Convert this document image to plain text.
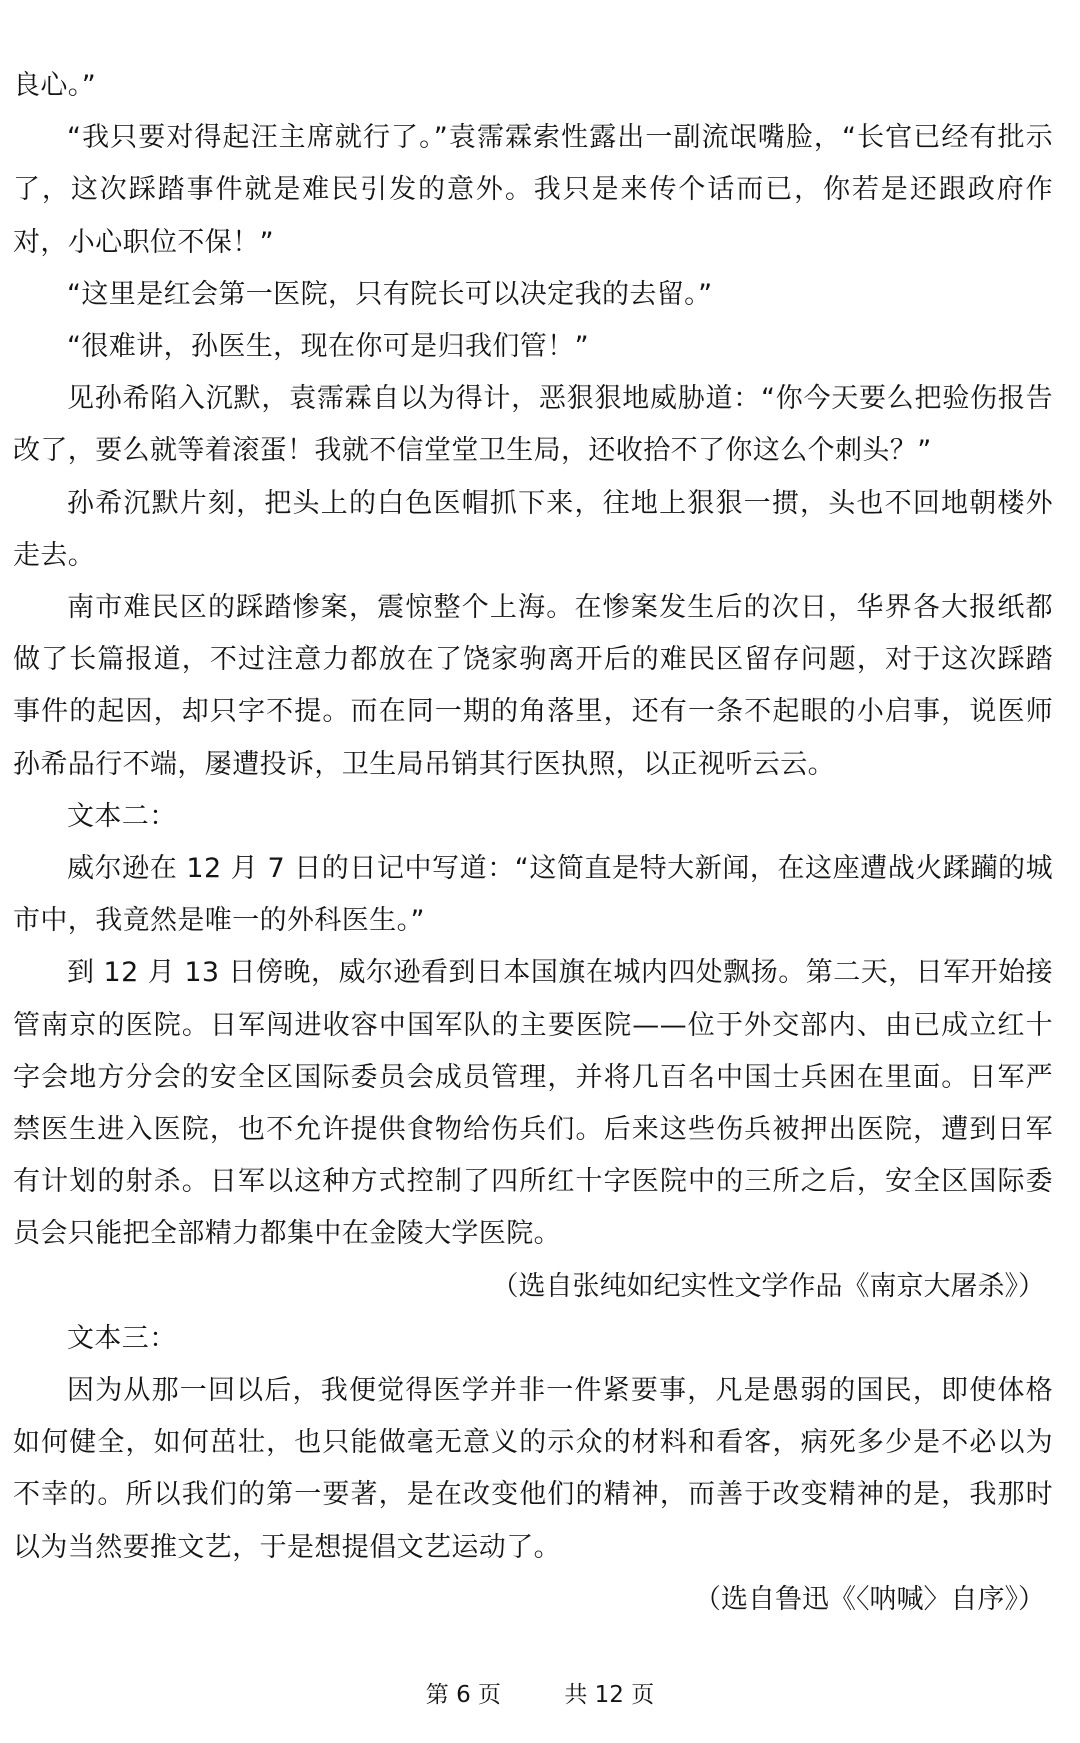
良心。”

“我只要对得起汪主席就行了。”袁霈霖索性露出一副流氓嘴脸，“长官已经有批示了，这次踩踏事件就是难民引发的意外。我只是来传个话而已，你若是还跟政府作对，小心职位不保！”

“这里是红会第一医院，只有院长可以决定我的去留。”

“很难讲，孙医生，现在你可是归我们管！”

见孙希陷入沉默，袁霈霖自以为得计，恶狠狠地威胁道：“你今天要么把验伤报告改了，要么就等着滚蛋！我就不信堂堂卫生局，还收拾不了你这么个刺头？”

孙希沉默片刻，把头上的白色医帽抓下来，往地上狠狠一掼，头也不回地朝楼外走去。

南市难民区的踩踏惨案，震惊整个上海。在惨案发生后的次日，华界各大报纸都做了长篇报道，不过注意力都放在了饶家驹离开后的难民区留存问题，对于这次踩踏事件的起因，却只字不提。而在同一期的角落里，还有一条不起眼的小启事，说医师孙希品行不端，屡遭投诉，卫生局吊销其行医执照，以正视听云云。

文本二：

威尔逊在 12 月 7 日的日记中写道：“这简直是特大新闻，在这座遭战火蹂躏的城市中，我竟然是唯一的外科医生。”

到 12 月 13 日傍晚，威尔逊看到日本国旗在城内四处飘扬。第二天，日军开始接管南京的医院。日军闯进收容中国军队的主要医院——位于外交部内、由已成立红十字会地方分会的安全区国际委员会成员管理，并将几百名中国士兵困在里面。日军严禁医生进入医院，也不允许提供食物给伤兵们。后来这些伤兵被押出医院，遭到日军有计划的射杀。日军以这种方式控制了四所红十字医院中的三所之后，安全区国际委员会只能把全部精力都集中在金陵大学医院。

（选自张纯如纪实性文学作品《南京大屠杀》）

文本三：

因为从那一回以后，我便觉得医学并非一件紧要事，凡是愚弱的国民，即使体格如何健全，如何茁壮，也只能做毫无意义的示众的材料和看客，病死多少是不必以为不幸的。所以我们的第一要著，是在改变他们的精神，而善于改变精神的是，我那时以为当然要推文艺，于是想提倡文艺运动了。

（选自鲁迅《〈呐喊〉自序》）

第 6 页	共 12 页
